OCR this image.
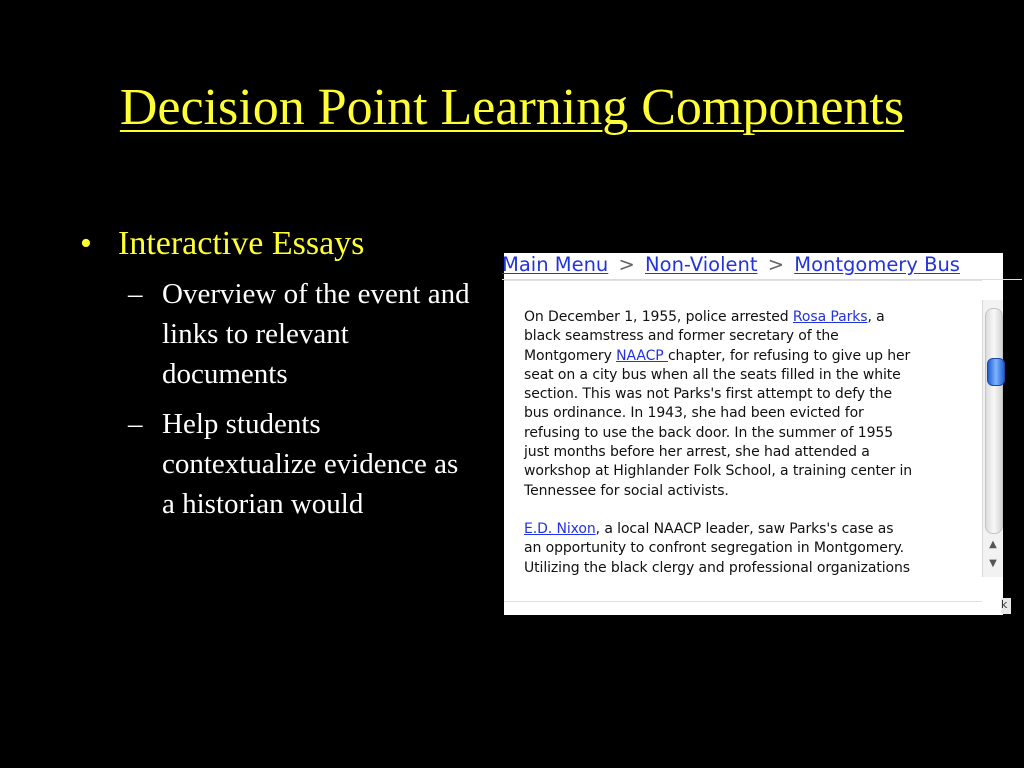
Decision Point Learning Components
• Interactive Essays
– Overview of the event and links to relevant documents
– Help students contextualize evidence as a historian would
Main Menu > Non-Violent > Montgomery Bus
On December 1, 1955, police arrested Rosa Parks, a
black seamstress and former secretary of the
Montgomery NAACP chapter, for refusing to give up her
seat on a city bus when all the seats filled in the white
section. This was not Parks's first attempt to defy the
bus ordinance. In 1943, she had been evicted for
refusing to use the back door. In the summer of 1955
just months before her arrest, she had attended a
workshop at Highlander Folk School, a training center in
Tennessee for social activists.
E.D. Nixon, a local NAACP leader, saw Parks's case as
an opportunity to confront segregation in Montgomery.
Utilizing the black clergy and professional organizations
▲
▼
k
